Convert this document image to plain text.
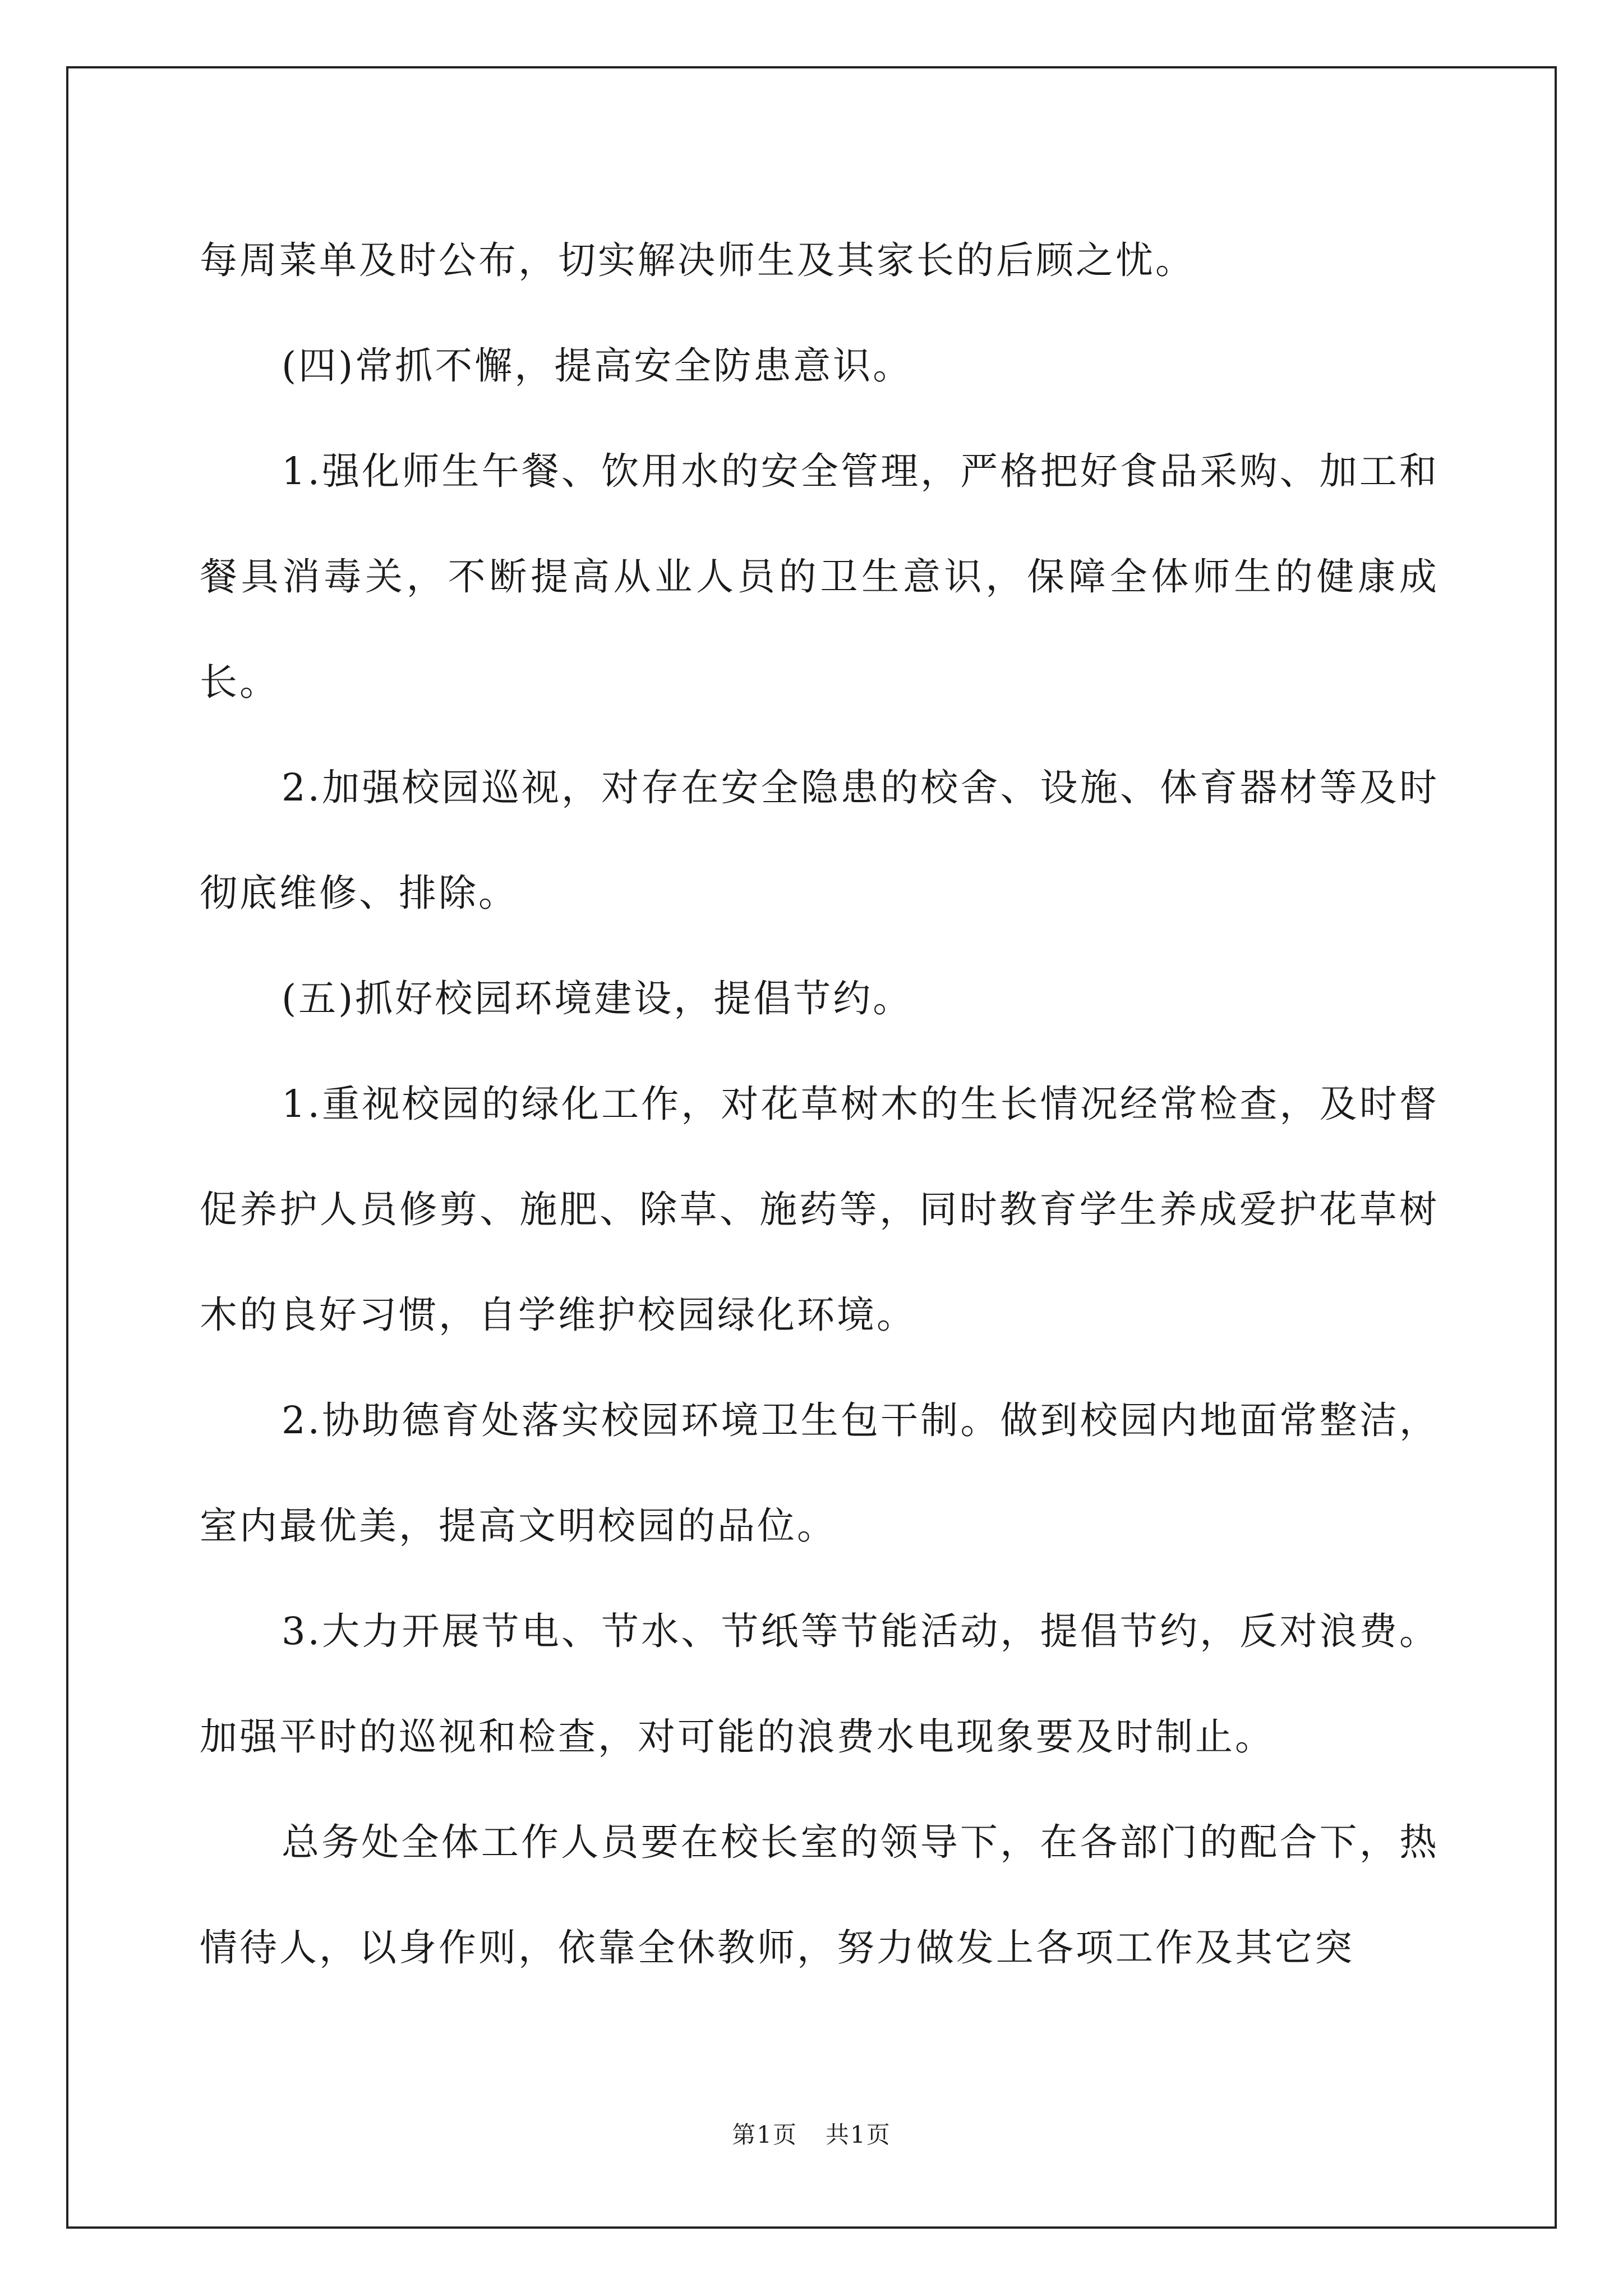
每周菜单及时公布，切实解决师生及其家长的后顾之忧。

(四)常抓不懈，提高安全防患意识。

1.强化师生午餐、饮用水的安全管理，严格把好食品采购、加工和餐具消毒关，不断提高从业人员的卫生意识，保障全体师生的健康成长。

2.加强校园巡视，对存在安全隐患的校舍、设施、体育器材等及时彻底维修、排除。

(五)抓好校园环境建设，提倡节约。

1.重视校园的绿化工作，对花草树木的生长情况经常检查，及时督促养护人员修剪、施肥、除草、施药等，同时教育学生养成爱护花草树木的良好习惯，自学维护校园绿化环境。

2.协助德育处落实校园环境卫生包干制。做到校园内地面常整洁，室内最优美，提高文明校园的品位。

3.大力开展节电、节水、节纸等节能活动，提倡节约，反对浪费。加强平时的巡视和检查，对可能的浪费水电现象要及时制止。

总务处全体工作人员要在校长室的领导下，在各部门的配合下，热情待人，以身作则，依靠全休教师，努力做发上各项工作及其它突

第1页 共1页
